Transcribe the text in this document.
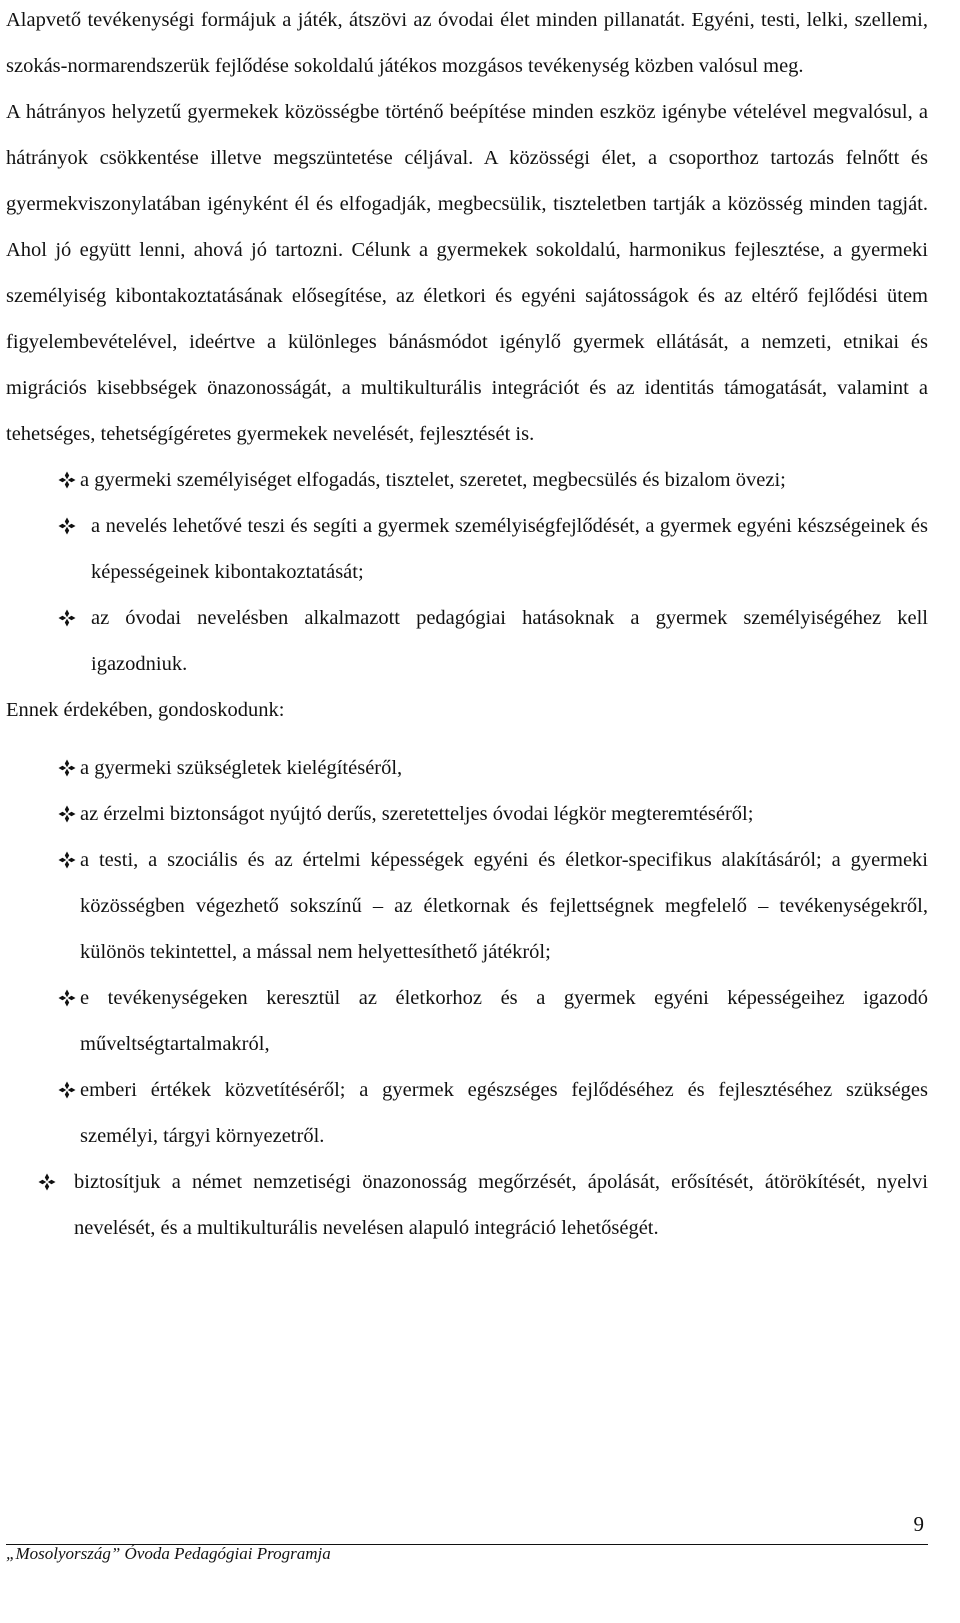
Alapvető tevékenységi formájuk a játék, átszövi az óvodai élet minden pillanatát. Egyéni, testi, lelki, szellemi, szokás-normarendszerük fejlődése sokoldalú játékos mozgásos tevékenység közben valósul meg.

A hátrányos helyzetű gyermekek közösségbe történő beépítése minden eszköz igénybe vételével megvalósul, a hátrányok csökkentése illetve megszüntetése céljával. A közösségi élet, a csoporthoz tartozás felnőtt és gyermekviszonylatában igényként él és elfogadják, megbecsülik, tiszteletben tartják a közösség minden tagját. Ahol jó együtt lenni, ahová jó tartozni. Célunk a gyermekek sokoldalú, harmonikus fejlesztése, a gyermeki személyiség kibontakoztatásának elősegítése, az életkori és egyéni sajátosságok és az eltérő fejlődési ütem figyelembevételével, ideértve a különleges bánásmódot igénylő gyermek ellátását, a nemzeti, etnikai és migrációs kisebbségek önazonosságát, a multikulturális integrációt és az identitás támogatását, valamint a tehetséges, tehetségígéretes gyermekek nevelését, fejlesztését is.

a gyermeki személyiséget elfogadás, tisztelet, szeretet, megbecsülés és bizalom övezi;
a nevelés lehetővé teszi és segíti a gyermek személyiségfejlődését, a gyermek egyéni készségeinek és képességeinek kibontakoztatását;
az óvodai nevelésben alkalmazott pedagógiai hatásoknak a gyermek személyiségéhez kell igazodniuk.

Ennek érdekében, gondoskodunk:

a gyermeki szükségletek kielégítéséről,
az érzelmi biztonságot nyújtó derűs, szeretetteljes óvodai légkör megteremtéséről;
a testi, a szociális és az értelmi képességek egyéni és életkor-specifikus alakításáról; a gyermeki közösségben végezhető sokszínű – az életkornak és fejlettségnek megfelelő – tevékenységekről, különös tekintettel, a mással nem helyettesíthető játékról;
e tevékenységeken keresztül az életkorhoz és a gyermek egyéni képességeihez igazodó műveltségtartalmakról,
emberi értékek közvetítéséről; a gyermek egészséges fejlődéséhez és fejlesztéséhez szükséges személyi, tárgyi környezetről.
biztosítjuk a német nemzetiségi önazonosság megőrzését, ápolását, erősítését, átörökítését, nyelvi nevelését, és a multikulturális nevelésen alapuló integráció lehetőségét.
9
„Mosolyország” Óvoda Pedagógiai Programja
